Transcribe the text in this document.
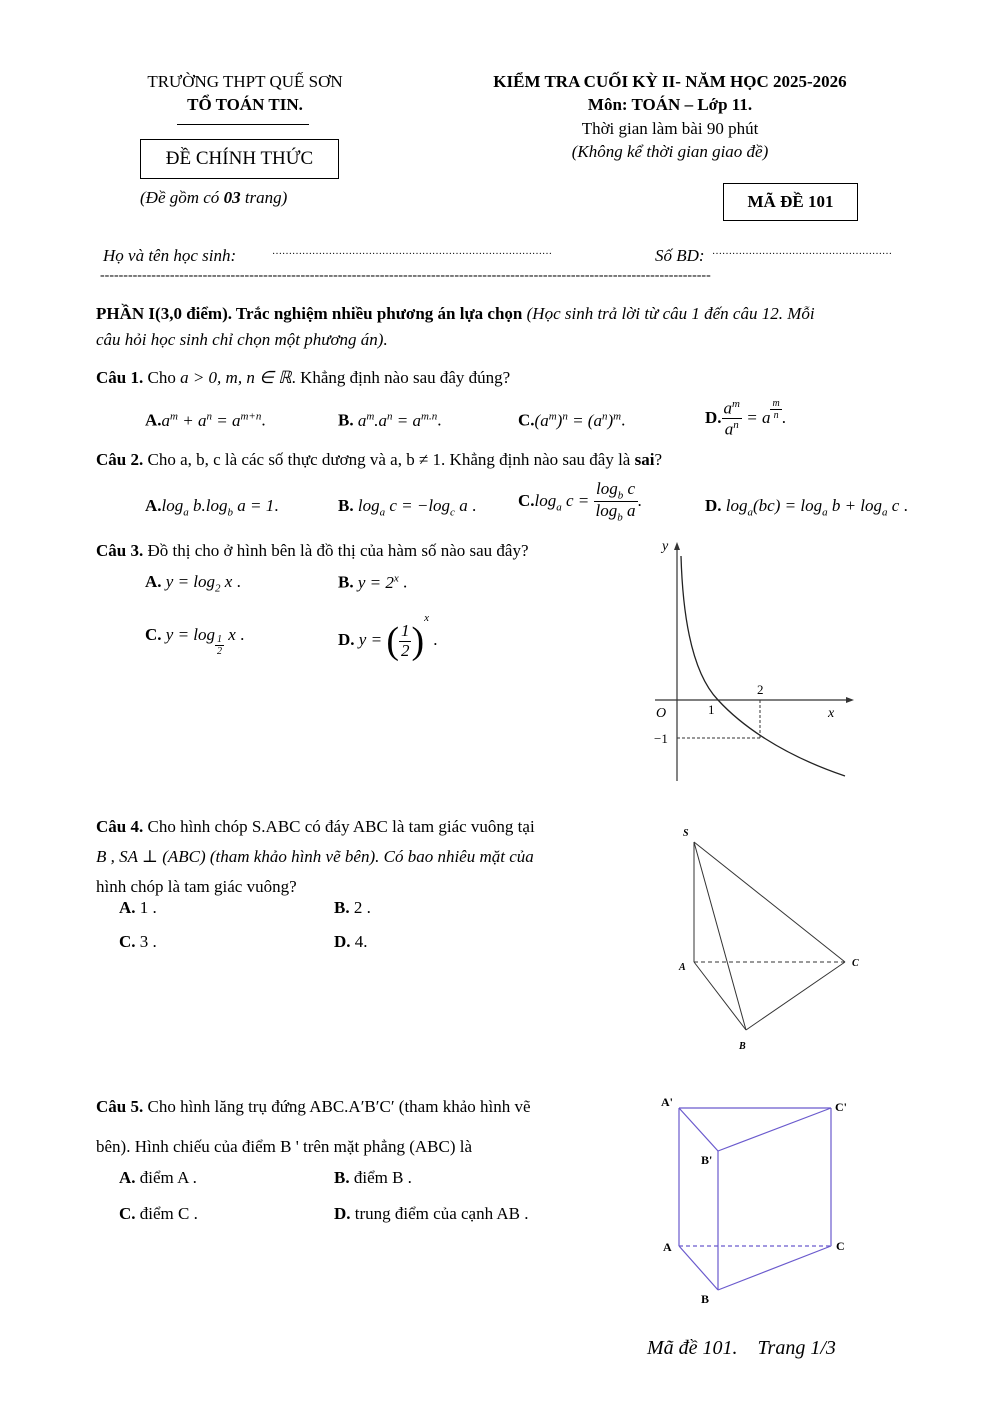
TRƯỜNG THPT QUẾ SƠN
TỔ TOÁN TIN.
ĐỀ CHÍNH THỨC
(Đề gồm có 03 trang)
KIỂM TRA CUỐI KỲ II- NĂM HỌC 2025-2026
Môn: TOÁN – Lớp 11.
Thời gian làm bài 90 phút
(Không kể thời gian giao đề)
MÃ ĐỀ 101
Họ và tên học sinh:	…………………………………………………………………………	Số BD: ………………………………………………
-----------------------------------------------------------------------------------------------------------------------------------
PHẦN I(3,0 điểm). Trắc nghiệm nhiều phương án lựa chọn (Học sinh trả lời từ câu 1 đến câu 12. Mỗi
câu hỏi học sinh chỉ chọn một phương án).
Câu 1. Cho a > 0, m, n ∈ ℝ. Khẳng định nào sau đây đúng?
$A.a^m + a^n = a^{m+n}$.	B. $a^m.a^n = a^{m.n}$.	$C.(a^m)^n = (a^n)^m$.	D. $\frac{a^m}{a^n} = a \frac{m}{n}$ .
Câu 2. Cho a, b, c là các số thực dương và a, b ≠ 1. Khẳng định nào sau đây là sai?
$A.\log_a$ $b.\log_b$ a = 1.	B. $\log_a c = -\log_c$ a . $C.\log_a$ $c = \frac{\log_b c}{\log_b a}$ .	D. $\log_a(bc) = \log_a b + \log_a c$ .
Câu 3. Đồ thị cho ở hình bên là đồ thị của hàm số nào sau đây?
A. $y = \log_2 x$ .	B. $y = 2^x$ .
C. $y = \log \frac{1}{2}$ x .	D. y = ( $\frac{1}{2} )^x$ .
y
x
O	1
2
−1
Câu 4. Cho hình chóp S.ABC có đáy ABC là tam giác vuông tại
B , SA ⊥ (ABC) (tham khảo hình vẽ bên). Có bao nhiêu mặt của
hình chóp là tam giác vuông?
A. 1 .	B. 2 .
C. 3 .	D. 4.
S
A
B
C
Câu 5. Cho hình lăng trụ đứng ABC.A′B′C′ (tham khảo hình vẽ
bên). Hình chiếu của điểm B ' trên mặt phẳng (ABC) là
A. điểm A .	B. điểm B .
C. điểm C .	D. trung điểm của cạnh AB .
A'	C'
B'
A	C
B
Mã đề 101.    Trang 1/3
